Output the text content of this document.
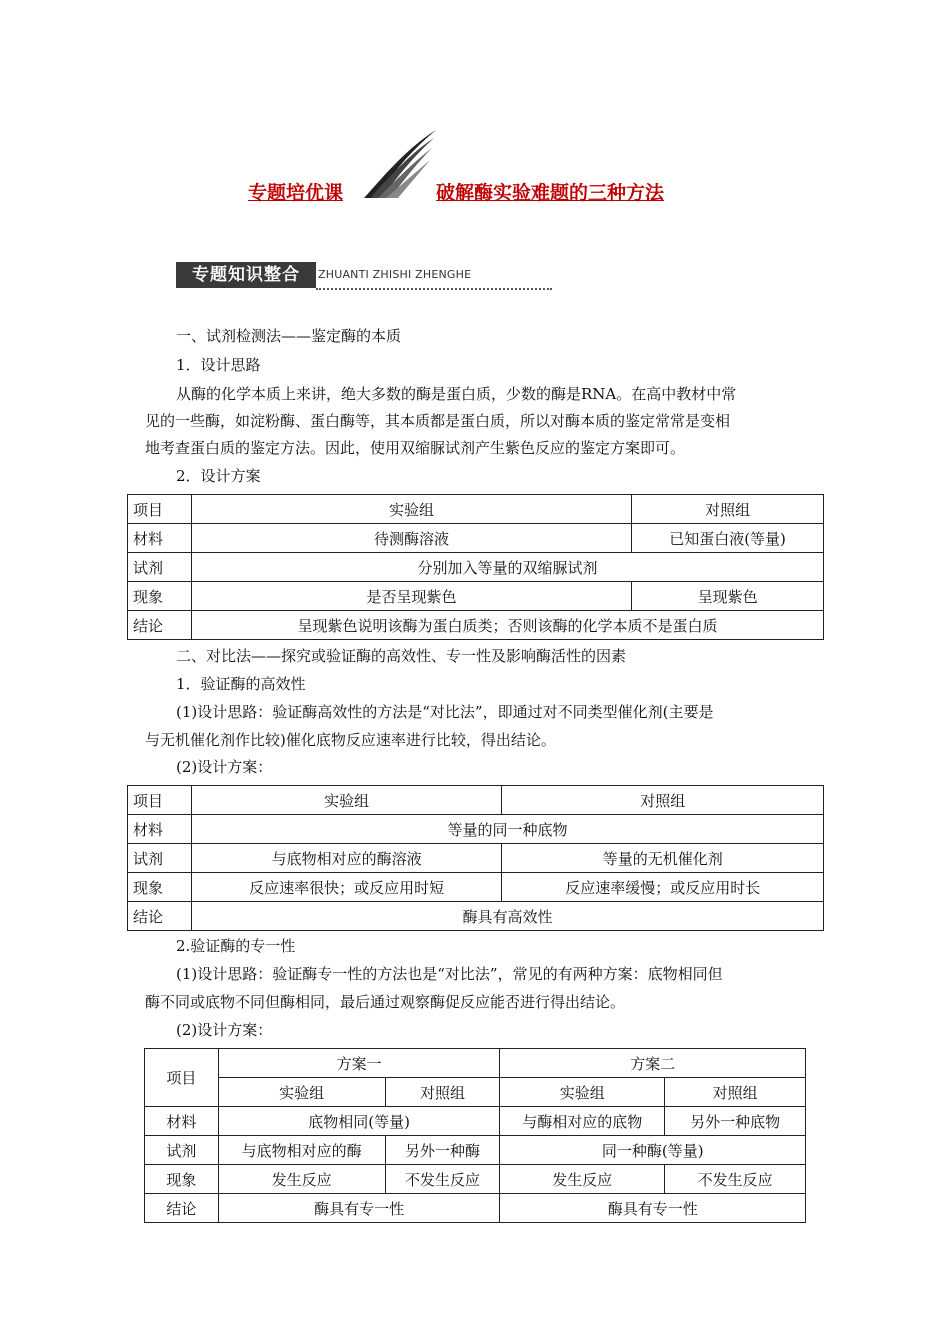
专题培优课	破解酶实验难题的三种方法
专题知识整合	ZHUANTI ZHISHI ZHENGHE
一、试剂检测法——鉴定酶的本质
1．设计思路
从酶的化学本质上来讲，绝大多数的酶是蛋白质，少数的酶是RNA。在高中教材中常
见的一些酶，如淀粉酶、蛋白酶等，其本质都是蛋白质，所以对酶本质的鉴定常常是变相
地考查蛋白质的鉴定方法。因此，使用双缩脲试剂产生紫色反应的鉴定方案即可。
2．设计方案
项目	实验组	对照组
材料	待测酶溶液	已知蛋白液(等量)
试剂	分别加入等量的双缩脲试剂	
现象	是否呈现紫色	呈现紫色
结论	呈现紫色说明该酶为蛋白质类；否则该酶的化学本质不是蛋白质	
二、对比法——探究或验证酶的高效性、专一性及影响酶活性的因素
1．验证酶的高效性
(1)设计思路：验证酶高效性的方法是“对比法”，即通过对不同类型催化剂(主要是
与无机催化剂作比较)催化底物反应速率进行比较，得出结论。
(2)设计方案：
项目	实验组	对照组
材料	等量的同一种底物	
试剂	与底物相对应的酶溶液	等量的无机催化剂
现象	反应速率很快；或反应用时短	反应速率缓慢；或反应用时长
结论	酶具有高效性	
2.验证酶的专一性
(1)设计思路：验证酶专一性的方法也是“对比法”，常见的有两种方案：底物相同但
酶不同或底物不同但酶相同，最后通过观察酶促反应能否进行得出结论。
(2)设计方案：
项目	方案一		方案二	
	实验组	对照组	实验组	对照组
材料	底物相同(等量)		与酶相对应的底物	另外一种底物
试剂	与底物相对应的酶	另外一种酶	同一种酶(等量)	
现象	发生反应	不发生反应	发生反应	不发生反应
结论	酶具有专一性		酶具有专一性	
